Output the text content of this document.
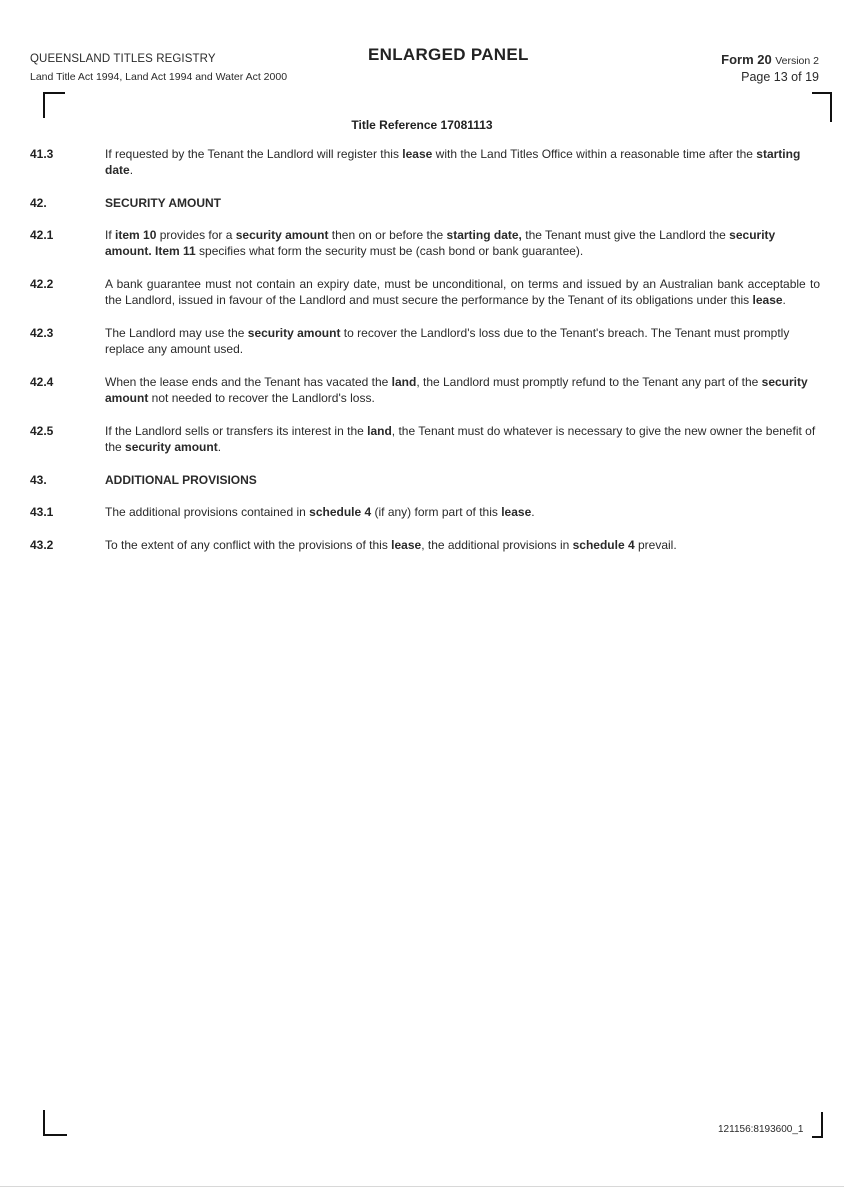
QUEENSLAND TITLES REGISTRY
Land Title Act 1994, Land Act 1994 and Water Act 2000
ENLARGED PANEL	Form 20 Version 2
Page 13 of 19
Title Reference 17081113
41.3	If requested by the Tenant the Landlord will register this lease with the Land Titles Office within a reasonable time after the starting date.
42.	SECURITY AMOUNT
42.1	If item 10 provides for a security amount then on or before the starting date, the Tenant must give the Landlord the security amount. Item 11 specifies what form the security must be (cash bond or bank guarantee).
42.2	A bank guarantee must not contain an expiry date, must be unconditional, on terms and issued by an Australian bank acceptable to the Landlord, issued in favour of the Landlord and must secure the performance by the Tenant of its obligations under this lease.
42.3	The Landlord may use the security amount to recover the Landlord's loss due to the Tenant's breach. The Tenant must promptly replace any amount used.
42.4	When the lease ends and the Tenant has vacated the land, the Landlord must promptly refund to the Tenant any part of the security amount not needed to recover the Landlord's loss.
42.5	If the Landlord sells or transfers its interest in the land, the Tenant must do whatever is necessary to give the new owner the benefit of the security amount.
43.	ADDITIONAL PROVISIONS
43.1	The additional provisions contained in schedule 4 (if any) form part of this lease.
43.2	To the extent of any conflict with the provisions of this lease, the additional provisions in schedule 4 prevail.
121156:8193600_1
